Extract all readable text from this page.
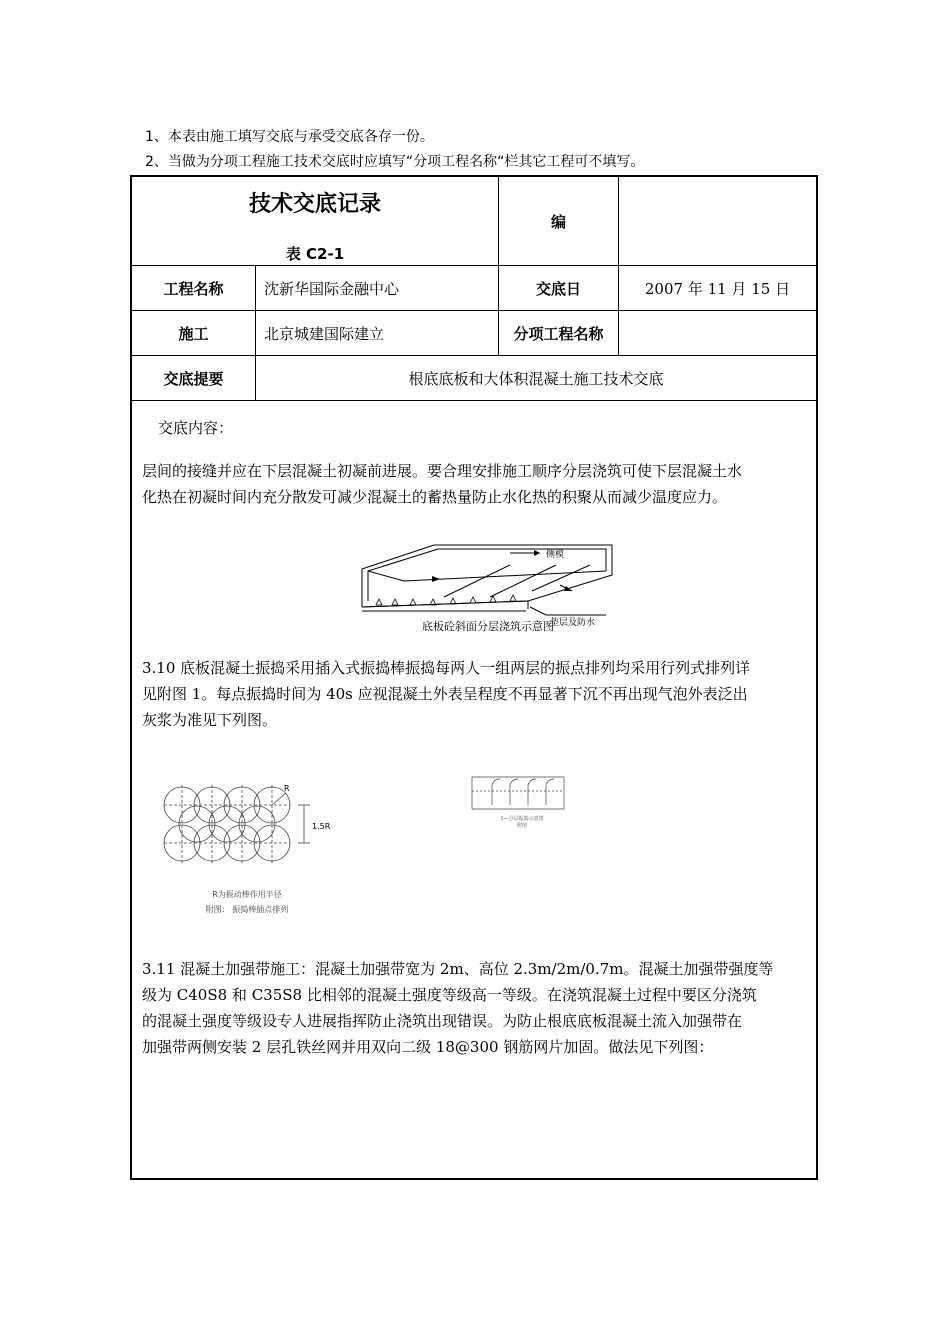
1、本表由施工填写交底与承受交底各存一份。
2、当做为分项工程施工技术交底时应填写“分项工程名称“栏其它工程可不填写。
技术交底记录
表 C2-1
编
工程名称	沈新华国际金融中心	交底日	2007 年 11 月 15 日
施工	北京城建国际建立	分项工程名称
交底提要	根底底板和大体积混凝土施工技术交底
交底内容：
层间的接缝并应在下层混凝土初凝前进展。要合理安排施工顺序分层浇筑可使下层混凝土水
化热在初凝时间内充分散发可减少混凝土的蓄热量防止水化热的积聚从而减少温度应力。
侧模
垫层及防水
底板砼斜面分层浇筑示意图
3.10 底板混凝土振捣采用插入式振捣棒振捣每两人一组两层的振点排列均采用行列式排列详
见附图 1。每点振捣时间为 40s 应视混凝土外表呈程度不再显著下沉不再出现气泡外表泛出
灰浆为准见下列图。
R
1.5R
R为振动棒作用半径
附图： 振捣棒插点排列
1—分层振捣示意图
附图
3.11 混凝土加强带施工：混凝土加强带宽为 2m、高位 2.3m/2m/0.7m。混凝土加强带强度等
级为 C40S8 和 C35S8 比相邻的混凝土强度等级高一等级。在浇筑混凝土过程中要区分浇筑
的混凝土强度等级设专人进展指挥防止浇筑出现错误。为防止根底底板混凝土流入加强带在
加强带两侧安装 2 层孔铁丝网并用双向二级 18@300 钢筋网片加固。做法见下列图：
